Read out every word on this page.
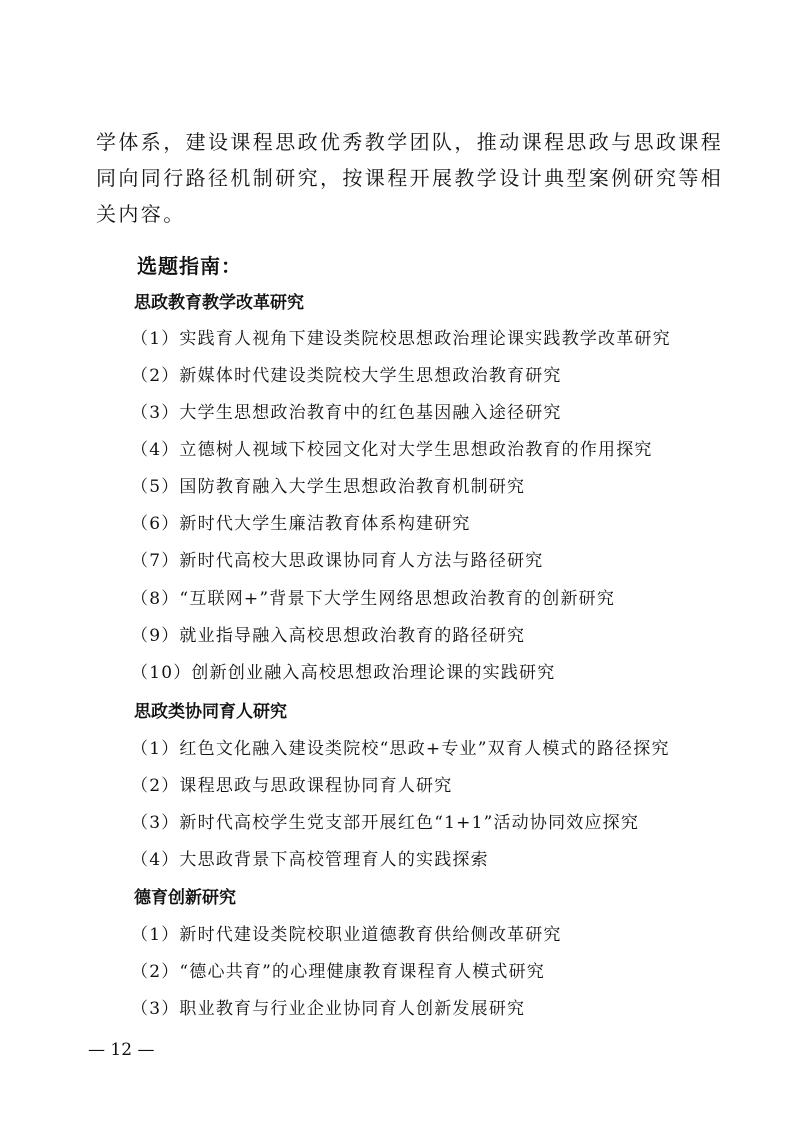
学体系，建设课程思政优秀教学团队，推动课程思政与思政课程
同向同行路径机制研究，按课程开展教学设计典型案例研究等相
关内容。
选题指南：
思政教育教学改革研究
（1）实践育人视角下建设类院校思想政治理论课实践教学改革研究
（2）新媒体时代建设类院校大学生思想政治教育研究
（3）大学生思想政治教育中的红色基因融入途径研究
（4）立德树人视域下校园文化对大学生思想政治教育的作用探究
（5）国防教育融入大学生思想政治教育机制研究
（6）新时代大学生廉洁教育体系构建研究
（7）新时代高校大思政课协同育人方法与路径研究
（8）“互联网+”背景下大学生网络思想政治教育的创新研究
（9）就业指导融入高校思想政治教育的路径研究
（10）创新创业融入高校思想政治理论课的实践研究
思政类协同育人研究
（1）红色文化融入建设类院校“思政+专业”双育人模式的路径探究
（2）课程思政与思政课程协同育人研究
（3）新时代高校学生党支部开展红色“1+1”活动协同效应探究
（4）大思政背景下高校管理育人的实践探索
德育创新研究
（1）新时代建设类院校职业道德教育供给侧改革研究
（2）“德心共育”的心理健康教育课程育人模式研究
（3）职业教育与行业企业协同育人创新发展研究
— 12 —
